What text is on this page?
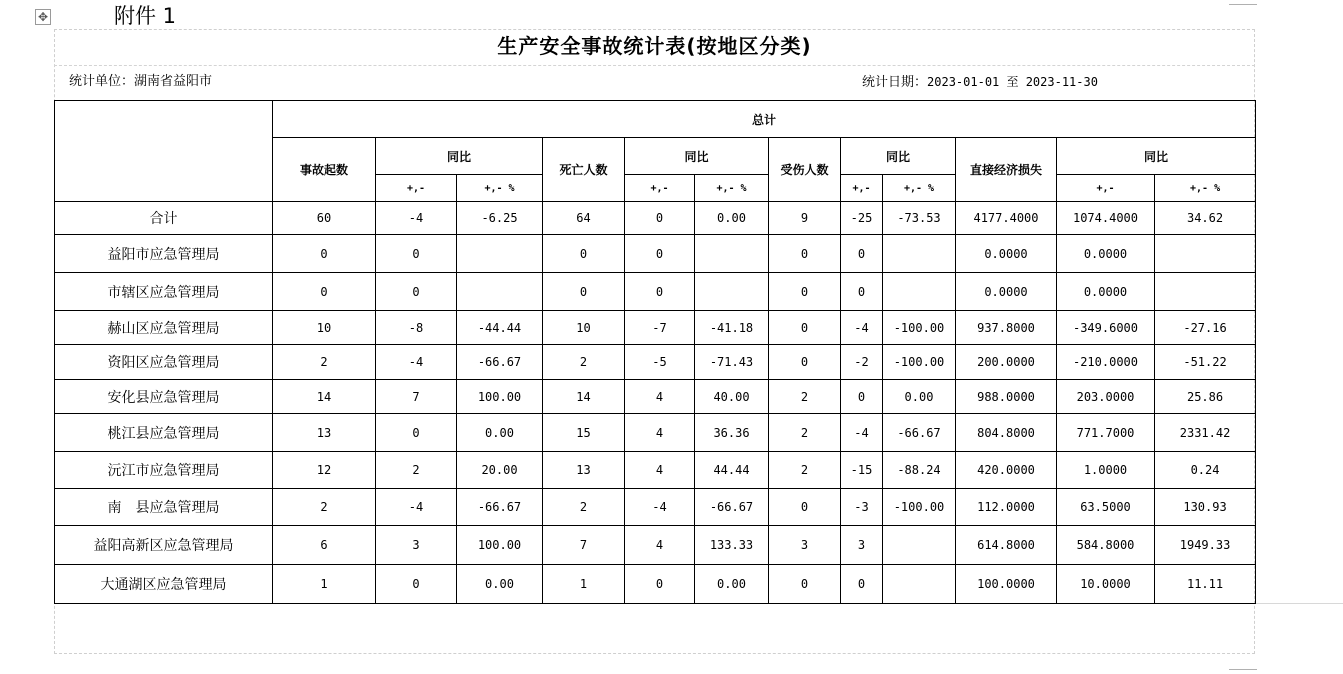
✥	附件 1
生产安全事故统计表(按地区分类)
统计单位：湖南省益阳市	统计日期：2023-01-01 至 2023-11-30
	总计											
	事故起数	同比		死亡人数	同比		受伤人数	同比		直接经济损失	同比	
		+,-	+,- %		+,-	+,- %		+,-	+,- %		+,-	+,- %
合计	60	-4	-6.25	64	0	0.00	9	-25	-73.53	4177.4000	1074.4000	34.62
益阳市应急管理局	0	0		0	0		0	0		0.0000	0.0000	
市辖区应急管理局	0	0		0	0		0	0		0.0000	0.0000	
赫山区应急管理局	10	-8	-44.44	10	-7	-41.18	0	-4	-100.00	937.8000	-349.6000	-27.16
资阳区应急管理局	2	-4	-66.67	2	-5	-71.43	0	-2	-100.00	200.0000	-210.0000	-51.22
安化县应急管理局	14	7	100.00	14	4	40.00	2	0	0.00	988.0000	203.0000	25.86
桃江县应急管理局	13	0	0.00	15	4	36.36	2	-4	-66.67	804.8000	771.7000	2331.42
沅江市应急管理局	12	2	20.00	13	4	44.44	2	-15	-88.24	420.0000	1.0000	0.24
南　县应急管理局	2	-4	-66.67	2	-4	-66.67	0	-3	-100.00	112.0000	63.5000	130.93
益阳高新区应急管理局	6	3	100.00	7	4	133.33	3	3		614.8000	584.8000	1949.33
大通湖区应急管理局	1	0	0.00	1	0	0.00	0	0		100.0000	10.0000	11.11
